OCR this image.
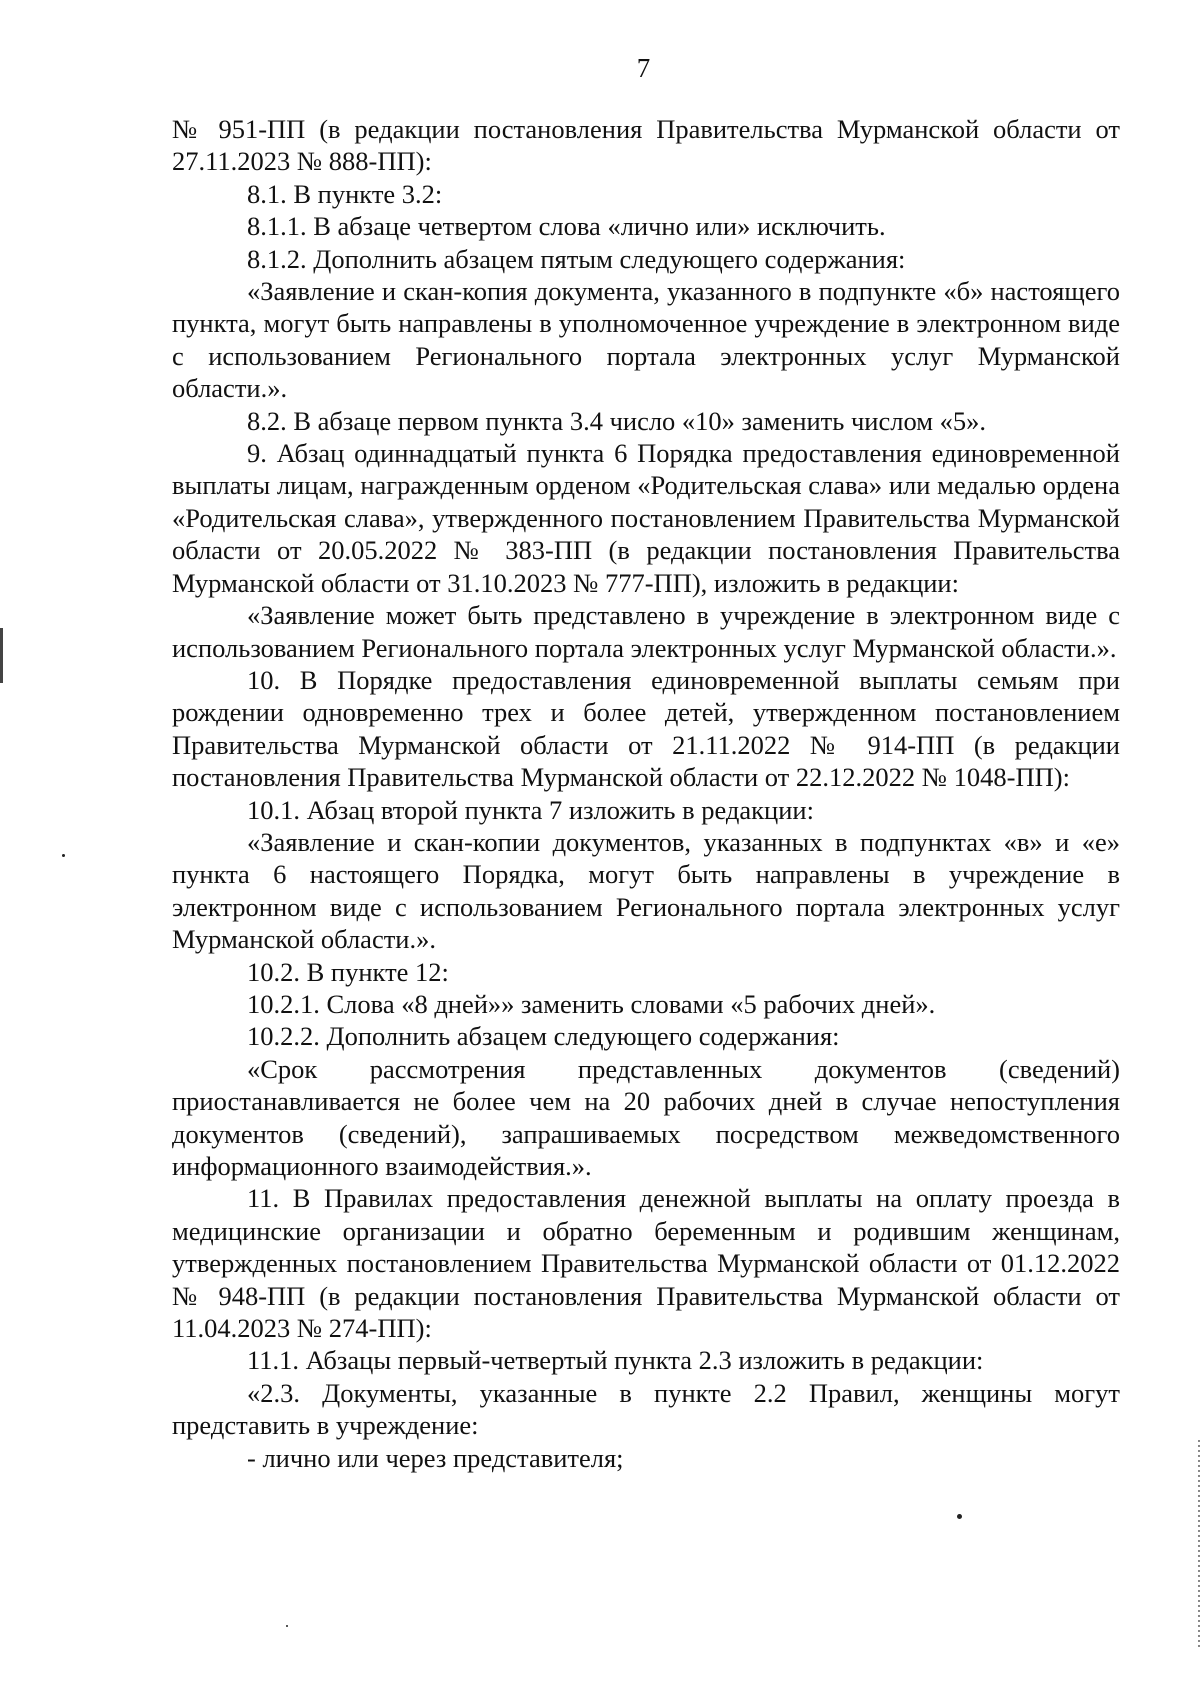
7

№ 951-ПП (в редакции постановления Правительства Мурманской области от 27.11.2023 № 888-ПП):

8.1. В пункте 3.2:

8.1.1. В абзаце четвертом слова «лично или» исключить.

8.1.2. Дополнить абзацем пятым следующего содержания:

«Заявление и скан-копия документа, указанного в подпункте «б» настоящего пункта, могут быть направлены в уполномоченное учреждение в электронном виде с использованием Регионального портала электронных услуг Мурманской области.».

8.2. В абзаце первом пункта 3.4 число «10» заменить числом «5».

9. Абзац одиннадцатый пункта 6 Порядка предоставления единовременной выплаты лицам, награжденным орденом «Родительская слава» или медалью ордена «Родительская слава», утвержденного постановлением Правительства Мурманской области от 20.05.2022 № 383-ПП (в редакции постановления Правительства Мурманской области от 31.10.2023 № 777-ПП), изложить в редакции:

«Заявление может быть представлено в учреждение в электронном виде с использованием Регионального портала электронных услуг Мурманской области.».

10. В Порядке предоставления единовременной выплаты семьям при рождении одновременно трех и более детей, утвержденном постановлением Правительства Мурманской области от 21.11.2022 № 914-ПП (в редакции постановления Правительства Мурманской области от 22.12.2022 № 1048-ПП):

10.1. Абзац второй пункта 7 изложить в редакции:

«Заявление и скан-копии документов, указанных в подпунктах «в» и «е» пункта 6 настоящего Порядка, могут быть направлены в учреждение в электронном виде с использованием Регионального портала электронных услуг Мурманской области.».

10.2. В пункте 12:

10.2.1. Слова «8 дней»» заменить словами «5 рабочих дней».

10.2.2. Дополнить абзацем следующего содержания:

«Срок рассмотрения представленных документов (сведений) приостанавливается не более чем на 20 рабочих дней в случае непоступления документов (сведений), запрашиваемых посредством межведомственного информационного взаимодействия.».

11. В Правилах предоставления денежной выплаты на оплату проезда в медицинские организации и обратно беременным и родившим женщинам, утвержденных постановлением Правительства Мурманской области от 01.12.2022 № 948-ПП (в редакции постановления Правительства Мурманской области от 11.04.2023 № 274-ПП):

11.1. Абзацы первый-четвертый пункта 2.3 изложить в редакции:

«2.3. Документы, указанные в пункте 2.2 Правил, женщины могут представить в учреждение:

- лично или через представителя;
